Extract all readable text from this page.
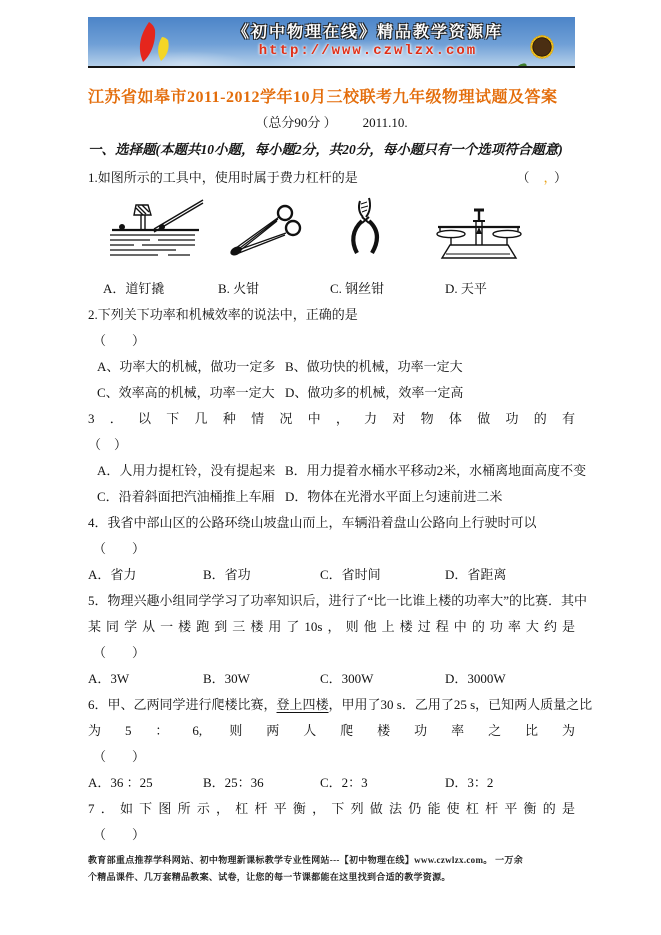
《初中物理在线》精品教学资源库
http://www.czwlzx.com
江苏省如皋市2011-2012学年10月三校联考九年级物理试题及答案
（总分90分 ） 2011.10.
一、选择题(本题共10小题，每小题2分，共20分，每小题只有一个选项符合题意)
1.如图所示的工具中，使用时属于费力杠杆的是	（ ， ）
A．道钉撬	B. 火钳	C. 钢丝钳	D. 天平
2.下列关下功率和机械效率的说法中，正确的是
（　　）
A、功率大的机械，做功一定多 B、做功快的机械，功率一定大
C、效率高的机械，功率一定大 D、做功多的机械，效率一定高
3．以下几种情况中，力对物体做功的有
（　）
A．人用力提杠铃，没有提起来 B．用力提着水桶水平移动2米，水桶离地面高度不变
C．沿着斜面把汽油桶推上车厢 D．物体在光滑水平面上匀速前进二米
4．我省中部山区的公路环绕山坡盘山而上，车辆沿着盘山公路向上行驶时可以
（　　）
A．省力	B．省功	C．省时间	D．省距离
5．物理兴趣小组同学学习了功率知识后，进行了“比一比谁上楼的功率大”的比赛．其中
某同学从一楼跑到三楼用了10s，则他上楼过程中的功率大约是
（　　）
A．3W	B．30W	C．300W	D．3000W
6．甲、乙两同学进行爬楼比赛，登上四楼，甲用了30 s．乙用了25 s，已知两人质量之比
为5：6, 则两人爬楼功率之比为
（　　）
A．36 ：25	B．25：36	C．2：3	D．3：2
7．如下图所示，杠杆平衡，下列做法仍能使杠杆平衡的是
（　　）
教育部重点推荐学科网站、初中物理新课标教学专业性网站---【初中物理在线】www.czwlzx.com。 一万余
个精品课件、几万套精品教案、试卷，让您的每一节课都能在这里找到合适的教学资源。
